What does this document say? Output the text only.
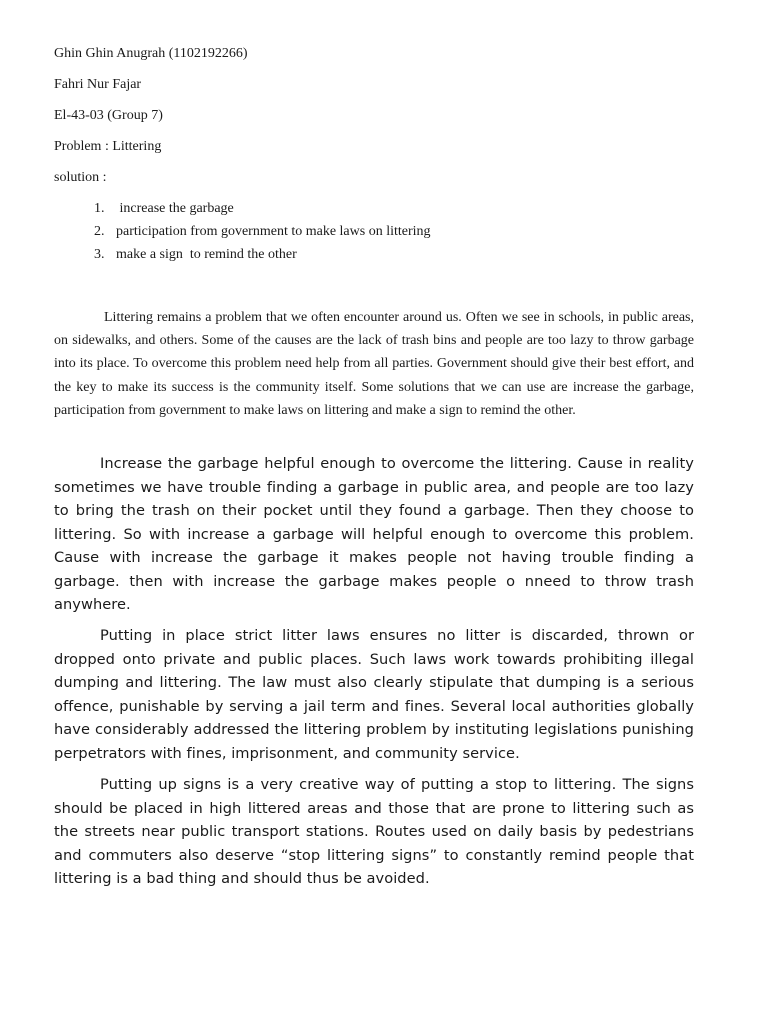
Ghin Ghin Anugrah (1102192266)
Fahri Nur Fajar
El-43-03 (Group 7)
Problem : Littering
solution :
1. increase the garbage
2. participation from government to make laws on littering
3. make a sign  to remind the other

Littering remains a problem that we often encounter around us. Often we see in schools, in public areas, on sidewalks, and others. Some of the causes are the lack of trash bins and people are too lazy to throw garbage into its place. To overcome this problem need help from all parties. Government should give their best effort, and the key to make its success is the community itself. Some solutions that we can use are increase the garbage, participation from government to make laws on littering and make a sign to remind the other.

Increase the garbage helpful enough to overcome the littering. Cause in reality sometimes we have trouble finding a garbage in public area, and people are too lazy to bring the trash on their pocket until they found a garbage. Then they choose to littering. So with increase a garbage will helpful enough to overcome this problem. Cause with increase the garbage it makes people not having trouble finding a garbage. then with increase the garbage makes people o nneed to throw trash anywhere.

Putting in place strict litter laws ensures no litter is discarded, thrown or dropped onto private and public places. Such laws work towards prohibiting illegal dumping and littering. The law must also clearly stipulate that dumping is a serious offence, punishable by serving a jail term and fines. Several local authorities globally have considerably addressed the littering problem by instituting legislations punishing perpetrators with fines, imprisonment, and community service.

Putting up signs is a very creative way of putting a stop to littering. The signs should be placed in high littered areas and those that are prone to littering such as the streets near public transport stations. Routes used on daily basis by pedestrians and commuters also deserve “stop littering signs” to constantly remind people that littering is a bad thing and should thus be avoided.
